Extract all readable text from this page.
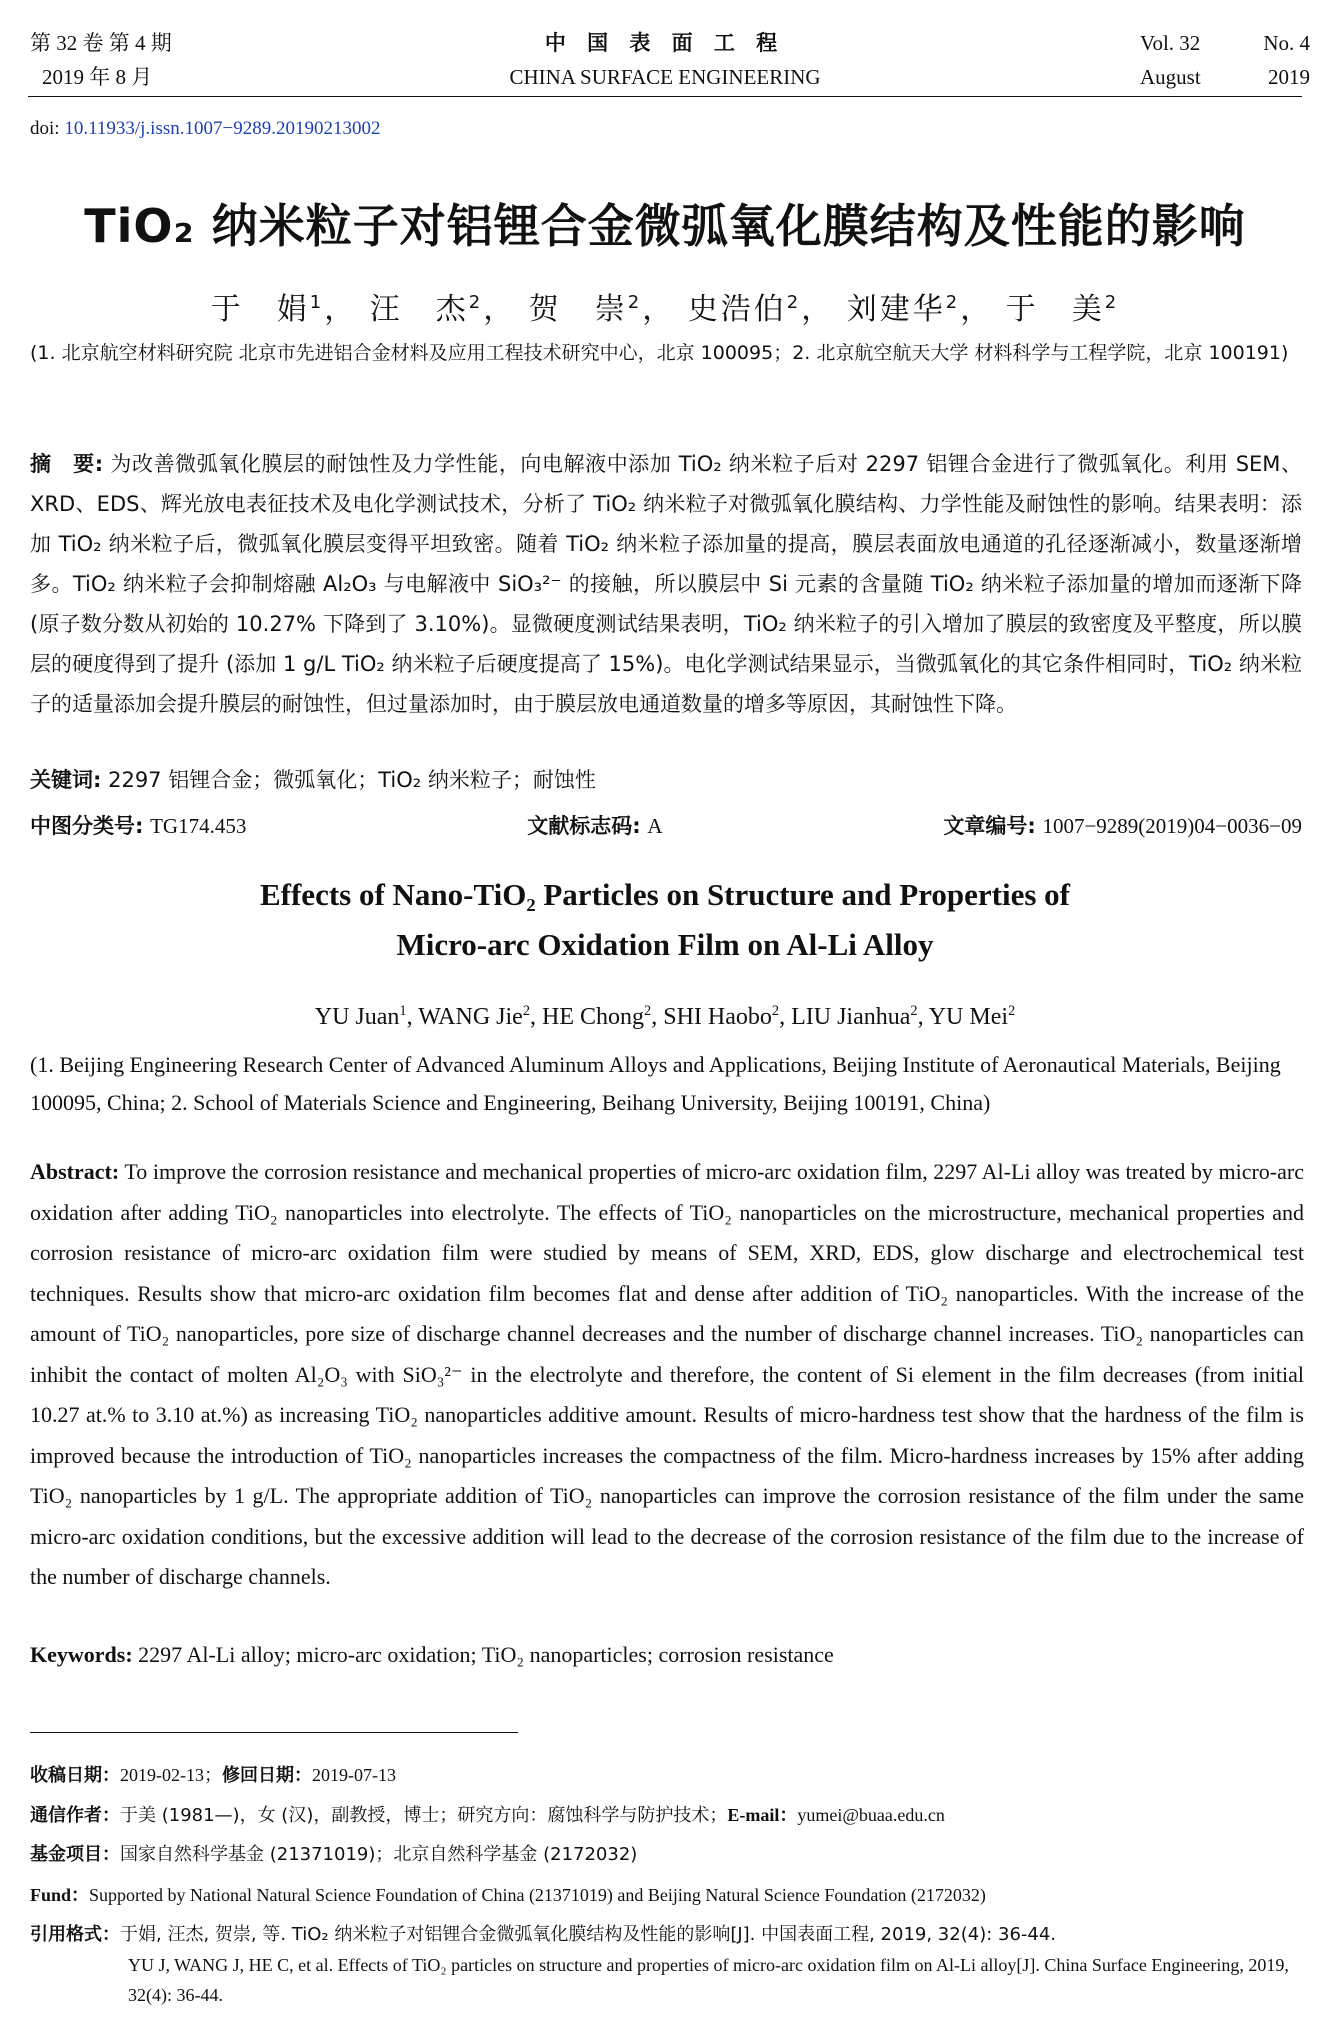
第 32 卷 第 4 期
2019 年 8 月
中 国 表 面 工 程
CHINA SURFACE ENGINEERING
Vol. 32	No. 4
August	2019
doi: 10.11933/j.issn.1007−9289.20190213002
TiO₂ 纳米粒子对铝锂合金微弧氧化膜结构及性能的影响
于　娟$^1$， 汪　杰$^2$， 贺　崇$^2$， 史浩伯$^2$， 刘建华$^2$， 于　美$^2$
(1. 北京航空材料研究院 北京市先进铝合金材料及应用工程技术研究中心，北京 100095；2. 北京航空航天大学 材料科学与工程学院，北京 100191)
摘　要: 为改善微弧氧化膜层的耐蚀性及力学性能，向电解液中添加 TiO₂ 纳米粒子后对 2297 铝锂合金进行了微弧氧化。利用 SEM、XRD、EDS、辉光放电表征技术及电化学测试技术，分析了 TiO₂ 纳米粒子对微弧氧化膜结构、力学性能及耐蚀性的影响。结果表明：添加 TiO₂ 纳米粒子后，微弧氧化膜层变得平坦致密。随着 TiO₂ 纳米粒子添加量的提高，膜层表面放电通道的孔径逐渐减小，数量逐渐增多。TiO₂ 纳米粒子会抑制熔融 Al₂O₃ 与电解液中 SiO₃²⁻ 的接触，所以膜层中 Si 元素的含量随 TiO₂ 纳米粒子添加量的增加而逐渐下降 (原子数分数从初始的 10.27% 下降到了 3.10%)。显微硬度测试结果表明，TiO₂ 纳米粒子的引入增加了膜层的致密度及平整度，所以膜层的硬度得到了提升 (添加 1 g/L TiO₂ 纳米粒子后硬度提高了 15%)。电化学测试结果显示，当微弧氧化的其它条件相同时，TiO₂ 纳米粒子的适量添加会提升膜层的耐蚀性，但过量添加时，由于膜层放电通道数量的增多等原因，其耐蚀性下降。
关键词: 2297 铝锂合金；微弧氧化；TiO₂ 纳米粒子；耐蚀性
中图分类号: TG174.453	文献标志码: A	文章编号: 1007−9289(2019)04−0036−09
Effects of Nano-TiO₂ Particles on Structure and Properties of
Micro-arc Oxidation Film on Al-Li Alloy
YU Juan$^1$, WANG Jie$^2$, HE Chong$^2$, SHI Haobo$^2$, LIU Jianhua$^2$, YU Mei$^2$
(1. Beijing Engineering Research Center of Advanced Aluminum Alloys and Applications, Beijing Institute of Aeronautical Materials, Beijing 100095, China; 2. School of Materials Science and Engineering, Beihang University, Beijing 100191, China)
Abstract: To improve the corrosion resistance and mechanical properties of micro-arc oxidation film, 2297 Al-Li alloy was treated by micro-arc oxidation after adding TiO₂ nanoparticles into electrolyte. The effects of TiO₂ nanoparticles on the microstructure, mechanical properties and corrosion resistance of micro-arc oxidation film were studied by means of SEM, XRD, EDS, glow discharge and electrochemical test techniques. Results show that micro-arc oxidation film becomes flat and dense after addition of TiO₂ nanoparticles. With the increase of the amount of TiO₂ nanoparticles, pore size of discharge channel decreases and the number of discharge channel increases. TiO₂ nanoparticles can inhibit the contact of molten Al₂O₃ with SiO₃²⁻ in the electrolyte and therefore, the content of Si element in the film decreases (from initial 10.27 at.% to 3.10 at.%) as increasing TiO₂ nanoparticles additive amount. Results of micro-hardness test show that the hardness of the film is improved because the introduction of TiO₂ nanoparticles increases the compactness of the film. Micro-hardness increases by 15% after adding TiO₂ nanoparticles by 1 g/L. The appropriate addition of TiO₂ nanoparticles can improve the corrosion resistance of the film under the same micro-arc oxidation conditions, but the excessive addition will lead to the decrease of the corrosion resistance of the film due to the increase of the number of discharge channels.
Keywords: 2297 Al-Li alloy; micro-arc oxidation; TiO₂ nanoparticles; corrosion resistance
收稿日期：2019-02-13；修回日期：2019-07-13
通信作者：于美 (1981—)，女 (汉)，副教授，博士；研究方向：腐蚀科学与防护技术；E-mail：yumei@buaa.edu.cn
基金项目：国家自然科学基金 (21371019)；北京自然科学基金 (2172032)
Fund：Supported by National Natural Science Foundation of China (21371019) and Beijing Natural Science Foundation (2172032)
引用格式：于娟, 汪杰, 贺崇, 等. TiO₂ 纳米粒子对铝锂合金微弧氧化膜结构及性能的影响[J]. 中国表面工程, 2019, 32(4): 36-44.
YU J, WANG J, HE C, et al. Effects of TiO₂ particles on structure and properties of micro-arc oxidation film on Al-Li alloy[J]. China Surface Engineering, 2019, 32(4): 36-44.
